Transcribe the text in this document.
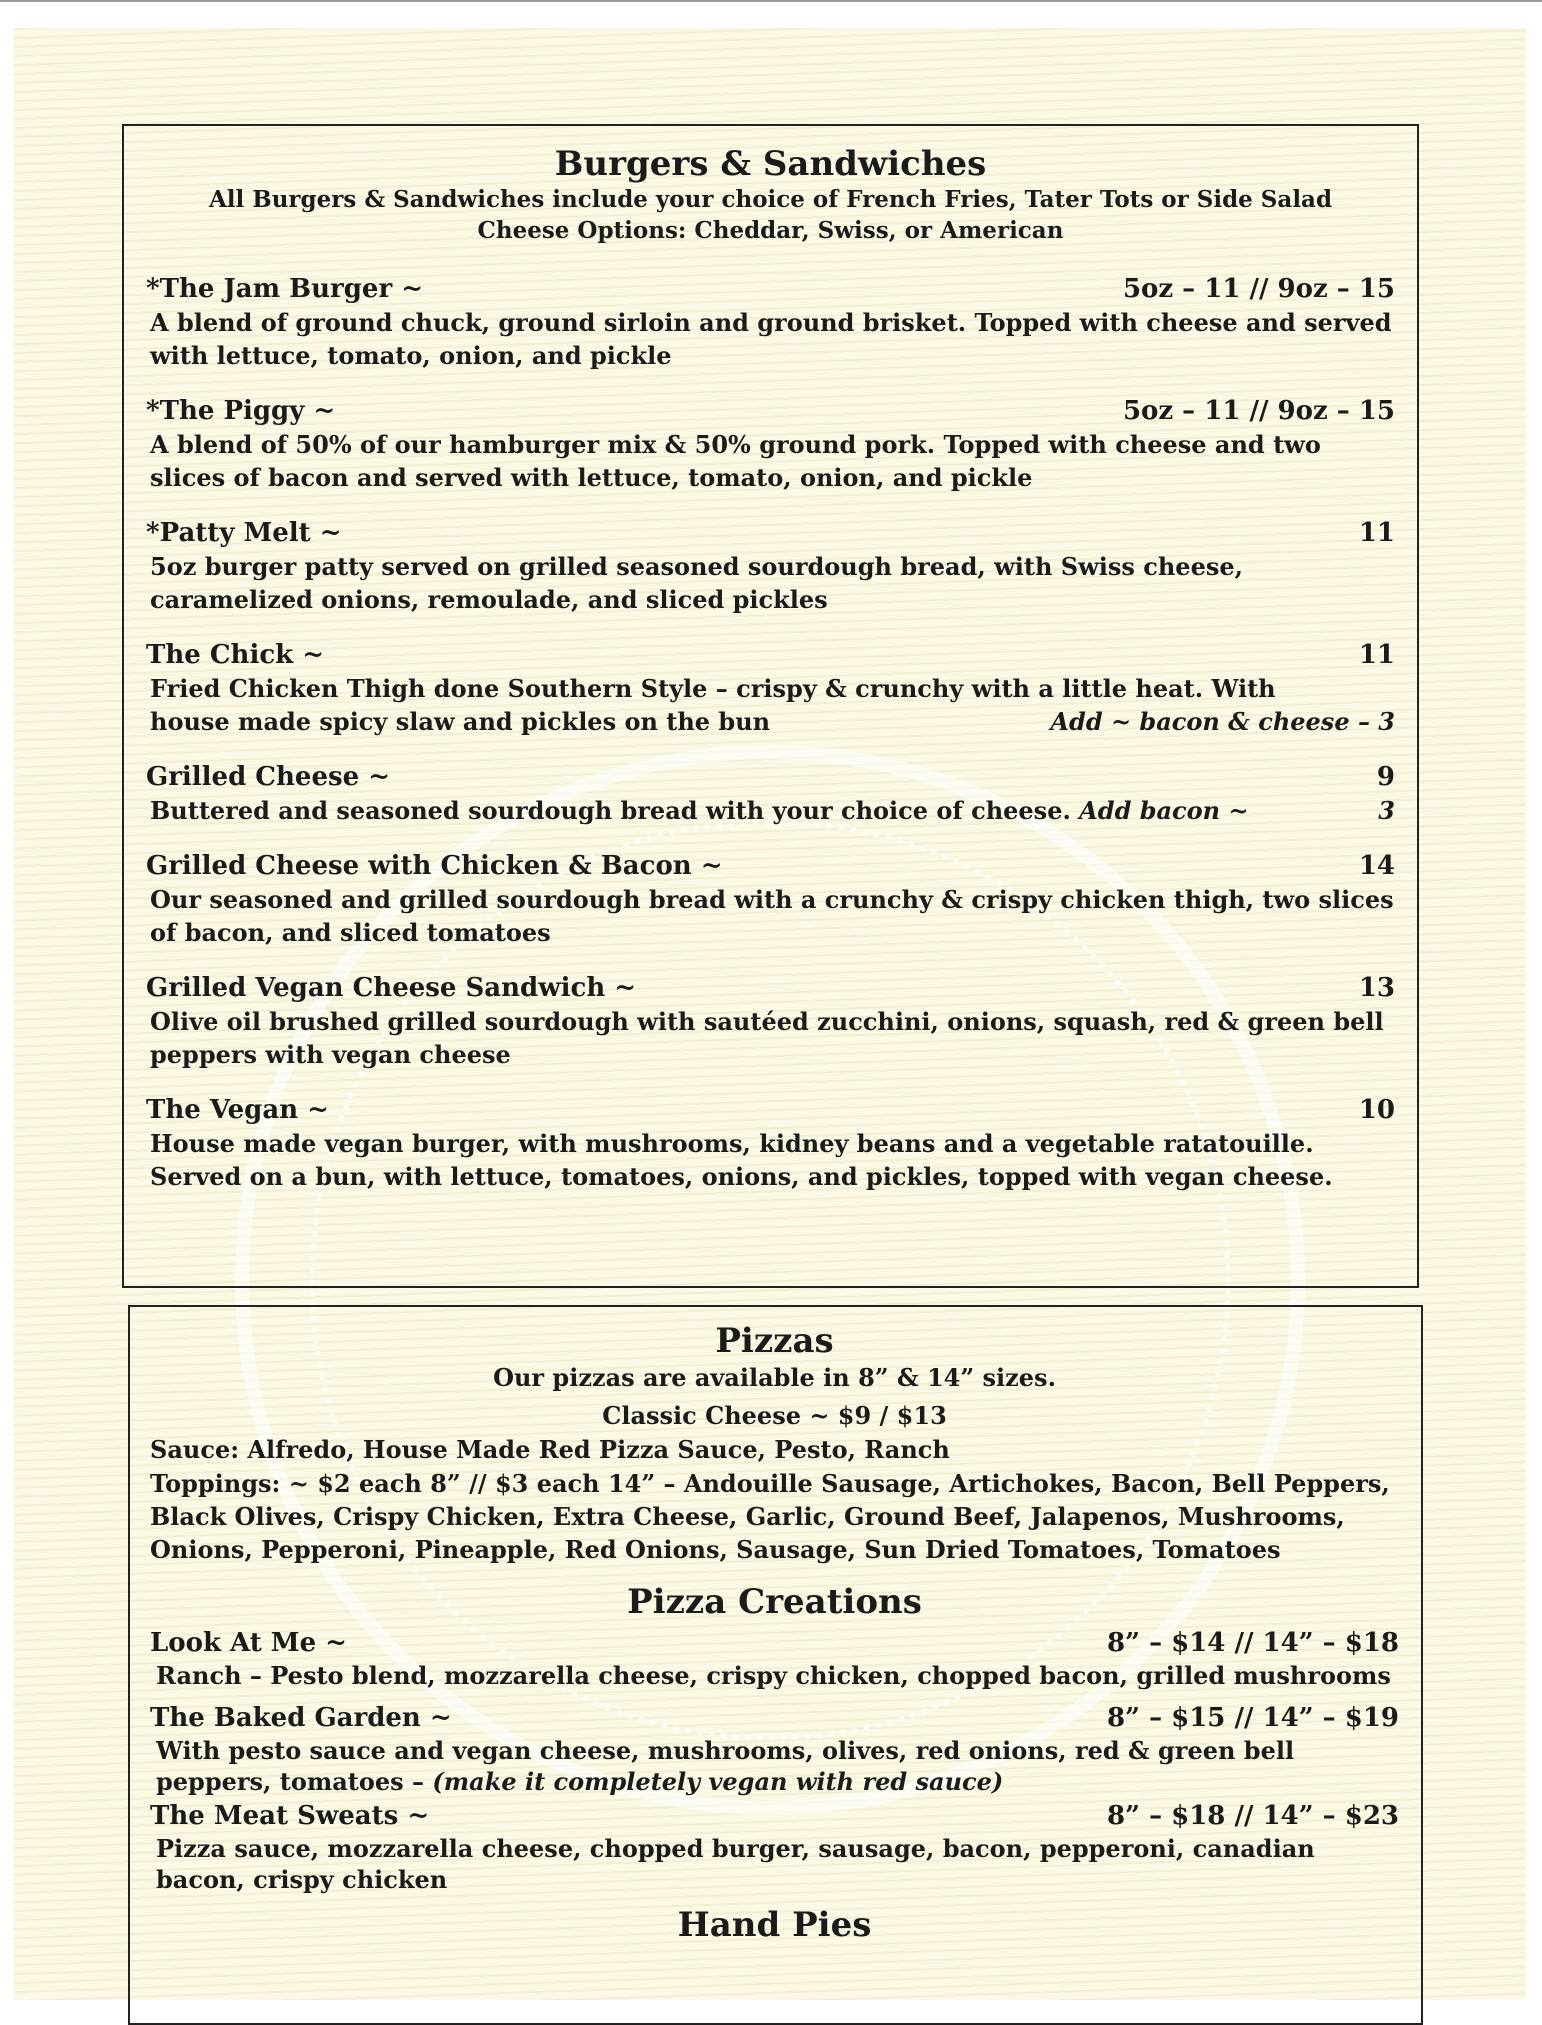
Burgers & Sandwiches
All Burgers & Sandwiches include your choice of French Fries, Tater Tots or Side Salad
Cheese Options: Cheddar, Swiss, or American
*The Jam Burger ~	5oz – 11 // 9oz – 15
A blend of ground chuck, ground sirloin and ground brisket. Topped with cheese and served with lettuce, tomato, onion, and pickle
*The Piggy ~	5oz – 11 // 9oz – 15
A blend of 50% of our hamburger mix & 50% ground pork. Topped with cheese and two slices of bacon and served with lettuce, tomato, onion, and pickle
*Patty Melt ~	11
5oz burger patty served on grilled seasoned sourdough bread, with Swiss cheese, caramelized onions, remoulade, and sliced pickles
The Chick ~	11
Fried Chicken Thigh done Southern Style – crispy & crunchy with a little heat. With
house made spicy slaw and pickles on the bun	Add ~ bacon & cheese – 3
Grilled Cheese ~	9
Buttered and seasoned sourdough bread with your choice of cheese. Add bacon ~	3
Grilled Cheese with Chicken & Bacon ~	14
Our seasoned and grilled sourdough bread with a crunchy & crispy chicken thigh, two slices of bacon, and sliced tomatoes
Grilled Vegan Cheese Sandwich ~	13
Olive oil brushed grilled sourdough with sautéed zucchini, onions, squash, red & green bell peppers with vegan cheese
The Vegan ~	10
House made vegan burger, with mushrooms, kidney beans and a vegetable ratatouille. Served on a bun, with lettuce, tomatoes, onions, and pickles, topped with vegan cheese.
Pizzas
Our pizzas are available in 8” & 14” sizes.
Classic Cheese ~ $9 / $13
Sauce: Alfredo, House Made Red Pizza Sauce, Pesto, Ranch
Toppings: ~ $2 each 8” // $3 each 14” – Andouille Sausage, Artichokes, Bacon, Bell Peppers, Black Olives, Crispy Chicken, Extra Cheese, Garlic, Ground Beef, Jalapenos, Mushrooms, Onions, Pepperoni, Pineapple, Red Onions, Sausage, Sun Dried Tomatoes, Tomatoes
Pizza Creations
Look At Me ~	8” – $14 // 14” – $18
Ranch – Pesto blend, mozzarella cheese, crispy chicken, chopped bacon, grilled mushrooms
The Baked Garden ~	8” – $15 // 14” – $19
With pesto sauce and vegan cheese, mushrooms, olives, red onions, red & green bell peppers, tomatoes – (make it completely vegan with red sauce)
The Meat Sweats ~	8” – $18 // 14” – $23
Pizza sauce, mozzarella cheese, chopped burger, sausage, bacon, pepperoni, canadian bacon, crispy chicken
Hand Pies
